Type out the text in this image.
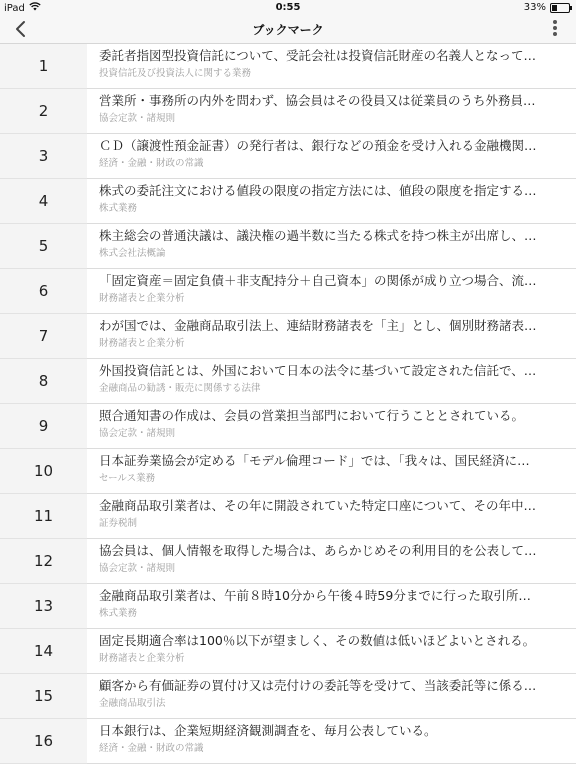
iPad	0:55	33%
ブックマーク
1
委託者指図型投資信託について、受託会社は投資信託財産の名義人となって…
投資信託及び投資法人に関する業務
2
営業所・事務所の内外を問わず、協会員はその役員又は従業員のうち外務員…
協会定款・諸規則
3
ＣＤ（譲渡性預金証書）の発行者は、銀行などの預金を受け入れる金融機関…
経済・金融・財政の常識
4
株式の委託注文における値段の限度の指定方法には、値段の限度を指定する…
株式業務
5
株主総会の普通決議は、議決権の過半数に当たる株式を持つ株主が出席し、…
株式会社法概論
6
「固定資産＝固定負債＋非支配持分＋自己資本」の関係が成り立つ場合、流…
財務諸表と企業分析
7
わが国では、金融商品取引法上、連結財務諸表を「主」とし、個別財務諸表…
財務諸表と企業分析
8
外国投資信託とは、外国において日本の法令に基づいて設定された信託で、…
金融商品の勧誘・販売に関係する法律
9
照合通知書の作成は、会員の営業担当部門において行うこととされている。
協会定款・諸規則
10
日本証券業協会が定める「モデル倫理コード」では、「我々は、国民経済に…
セールス業務
11
金融商品取引業者は、その年に開設されていた特定口座について、その年中…
証券税制
12
協会員は、個人情報を取得した場合は、あらかじめその利用目的を公表して…
協会定款・諸規則
13
金融商品取引業者は、午前８時10分から午後４時59分までに行った取引所…
株式業務
14
固定長期適合率は100％以下が望ましく、その数値は低いほどよいとされる。
財務諸表と企業分析
15
顧客から有価証券の買付け又は売付けの委託等を受けて、当該委託等に係る…
金融商品取引法
16
日本銀行は、企業短期経済観測調査を、毎月公表している。
経済・金融・財政の常識
